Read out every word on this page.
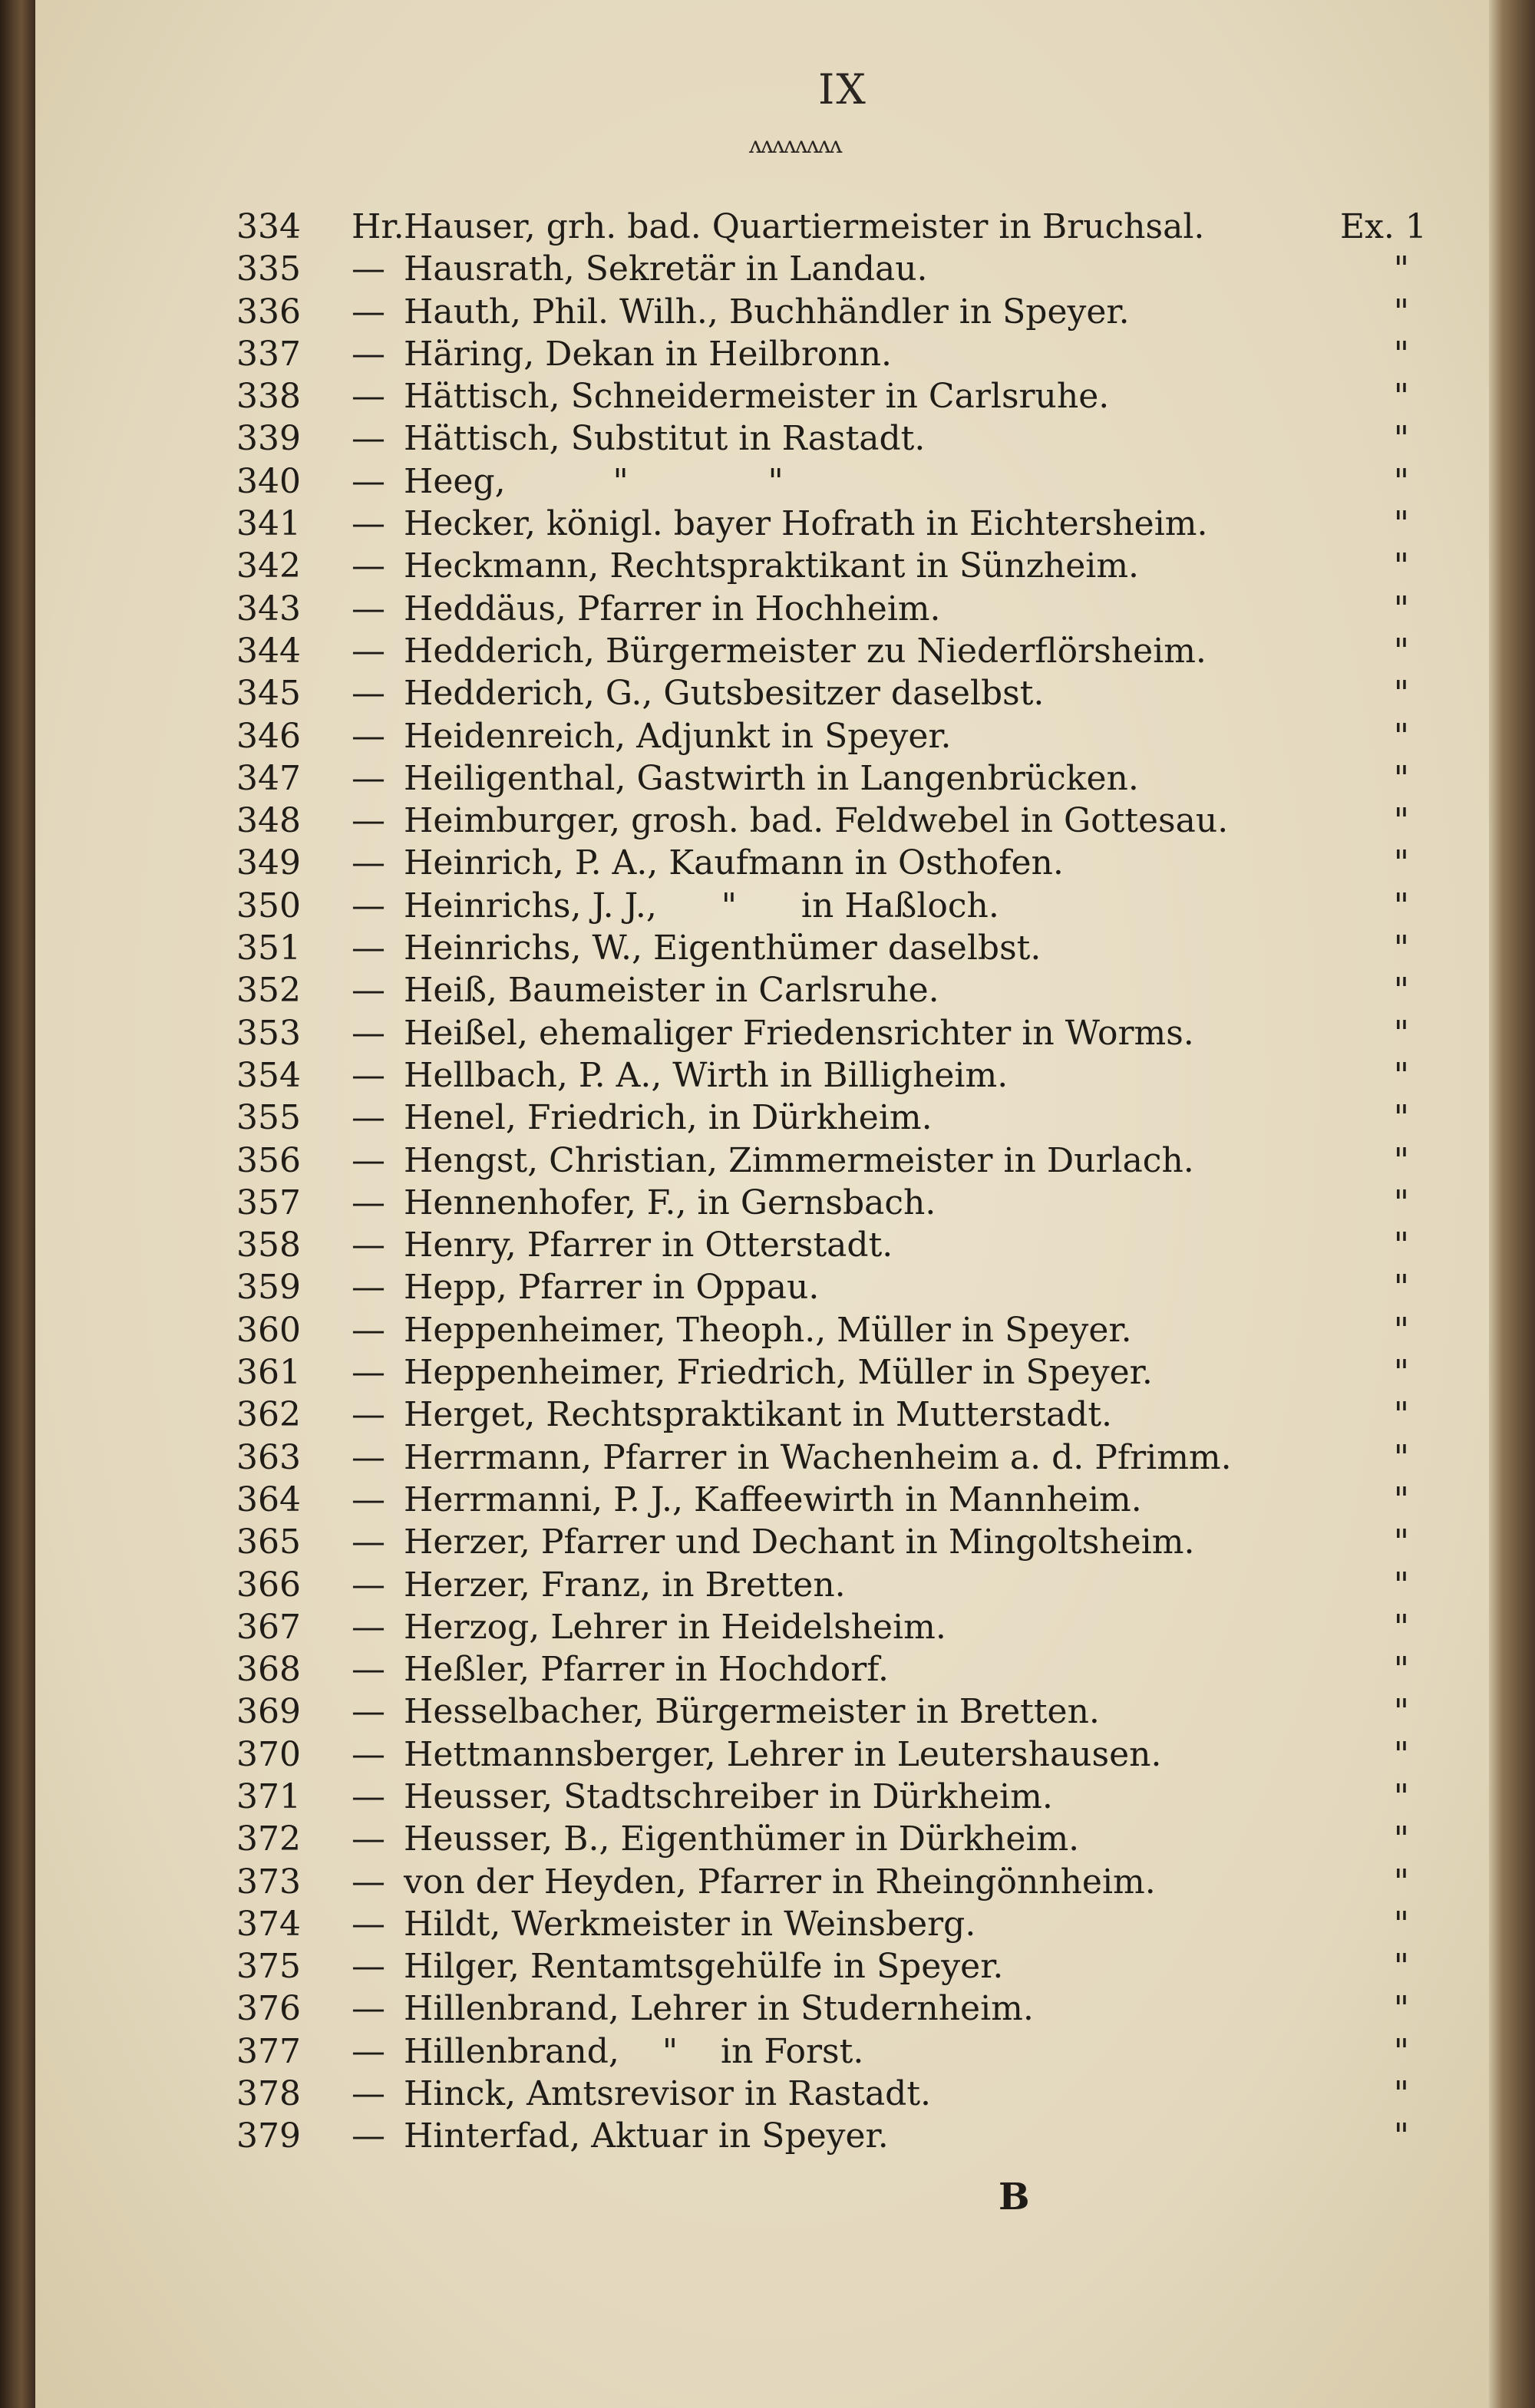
IX
ʌʌʌʌʌʌʌʌ
334	Hr. Hauser, grh. bad. Quartiermeister in Bruchsal.	Ex. 1
335	— Hausrath, Sekretär in Landau.	"
336	— Hauth, Phil. Wilh., Buchhändler in Speyer.	"
337	— Häring, Dekan in Heilbronn.	"
338	— Hättisch, Schneidermeister in Carlsruhe.	"
339	— Hättisch, Substitut in Rastadt.	"
340	— Heeg,          "             "	"
341	— Hecker, königl. bayer Hofrath in Eichtersheim.	"
342	— Heckmann, Rechtspraktikant in Sünzheim.	"
343	— Heddäus, Pfarrer in Hochheim.	"
344	— Hedderich, Bürgermeister zu Niederflörsheim.	"
345	— Hedderich, G., Gutsbesitzer daselbst.	"
346	— Heidenreich, Adjunkt in Speyer.	"
347	— Heiligenthal, Gastwirth in Langenbrücken.	"
348	— Heimburger, grosh. bad. Feldwebel in Gottesau.	"
349	— Heinrich, P. A., Kaufmann in Osthofen.	"
350	— Heinrichs, J. J.,      "      in Haßloch.	"
351	— Heinrichs, W., Eigenthümer daselbst.	"
352	— Heiß, Baumeister in Carlsruhe.	"
353	— Heißel, ehemaliger Friedensrichter in Worms.	"
354	— Hellbach, P. A., Wirth in Billigheim.	"
355	— Henel, Friedrich, in Dürkheim.	"
356	— Hengst, Christian, Zimmermeister in Durlach.	"
357	— Hennenhofer, F., in Gernsbach.	"
358	— Henry, Pfarrer in Otterstadt.	"
359	— Hepp, Pfarrer in Oppau.	"
360	— Heppenheimer, Theoph., Müller in Speyer.	"
361	— Heppenheimer, Friedrich, Müller in Speyer.	"
362	— Herget, Rechtspraktikant in Mutterstadt.	"
363	— Herrmann, Pfarrer in Wachenheim a. d. Pfrimm.	"
364	— Herrmanni, P. J., Kaffeewirth in Mannheim.	"
365	— Herzer, Pfarrer und Dechant in Mingoltsheim.	"
366	— Herzer, Franz, in Bretten.	"
367	— Herzog, Lehrer in Heidelsheim.	"
368	— Heßler, Pfarrer in Hochdorf.	"
369	— Hesselbacher, Bürgermeister in Bretten.	"
370	— Hettmannsberger, Lehrer in Leutershausen.	"
371	— Heusser, Stadtschreiber in Dürkheim.	"
372	— Heusser, B., Eigenthümer in Dürkheim.	"
373	— von der Heyden, Pfarrer in Rheingönnheim.	"
374	— Hildt, Werkmeister in Weinsberg.	"
375	— Hilger, Rentamtsgehülfe in Speyer.	"
376	— Hillenbrand, Lehrer in Studernheim.	"
377	— Hillenbrand,    "    in Forst.	"
378	— Hinck, Amtsrevisor in Rastadt.	"
379	— Hinterfad, Aktuar in Speyer.	"
B
